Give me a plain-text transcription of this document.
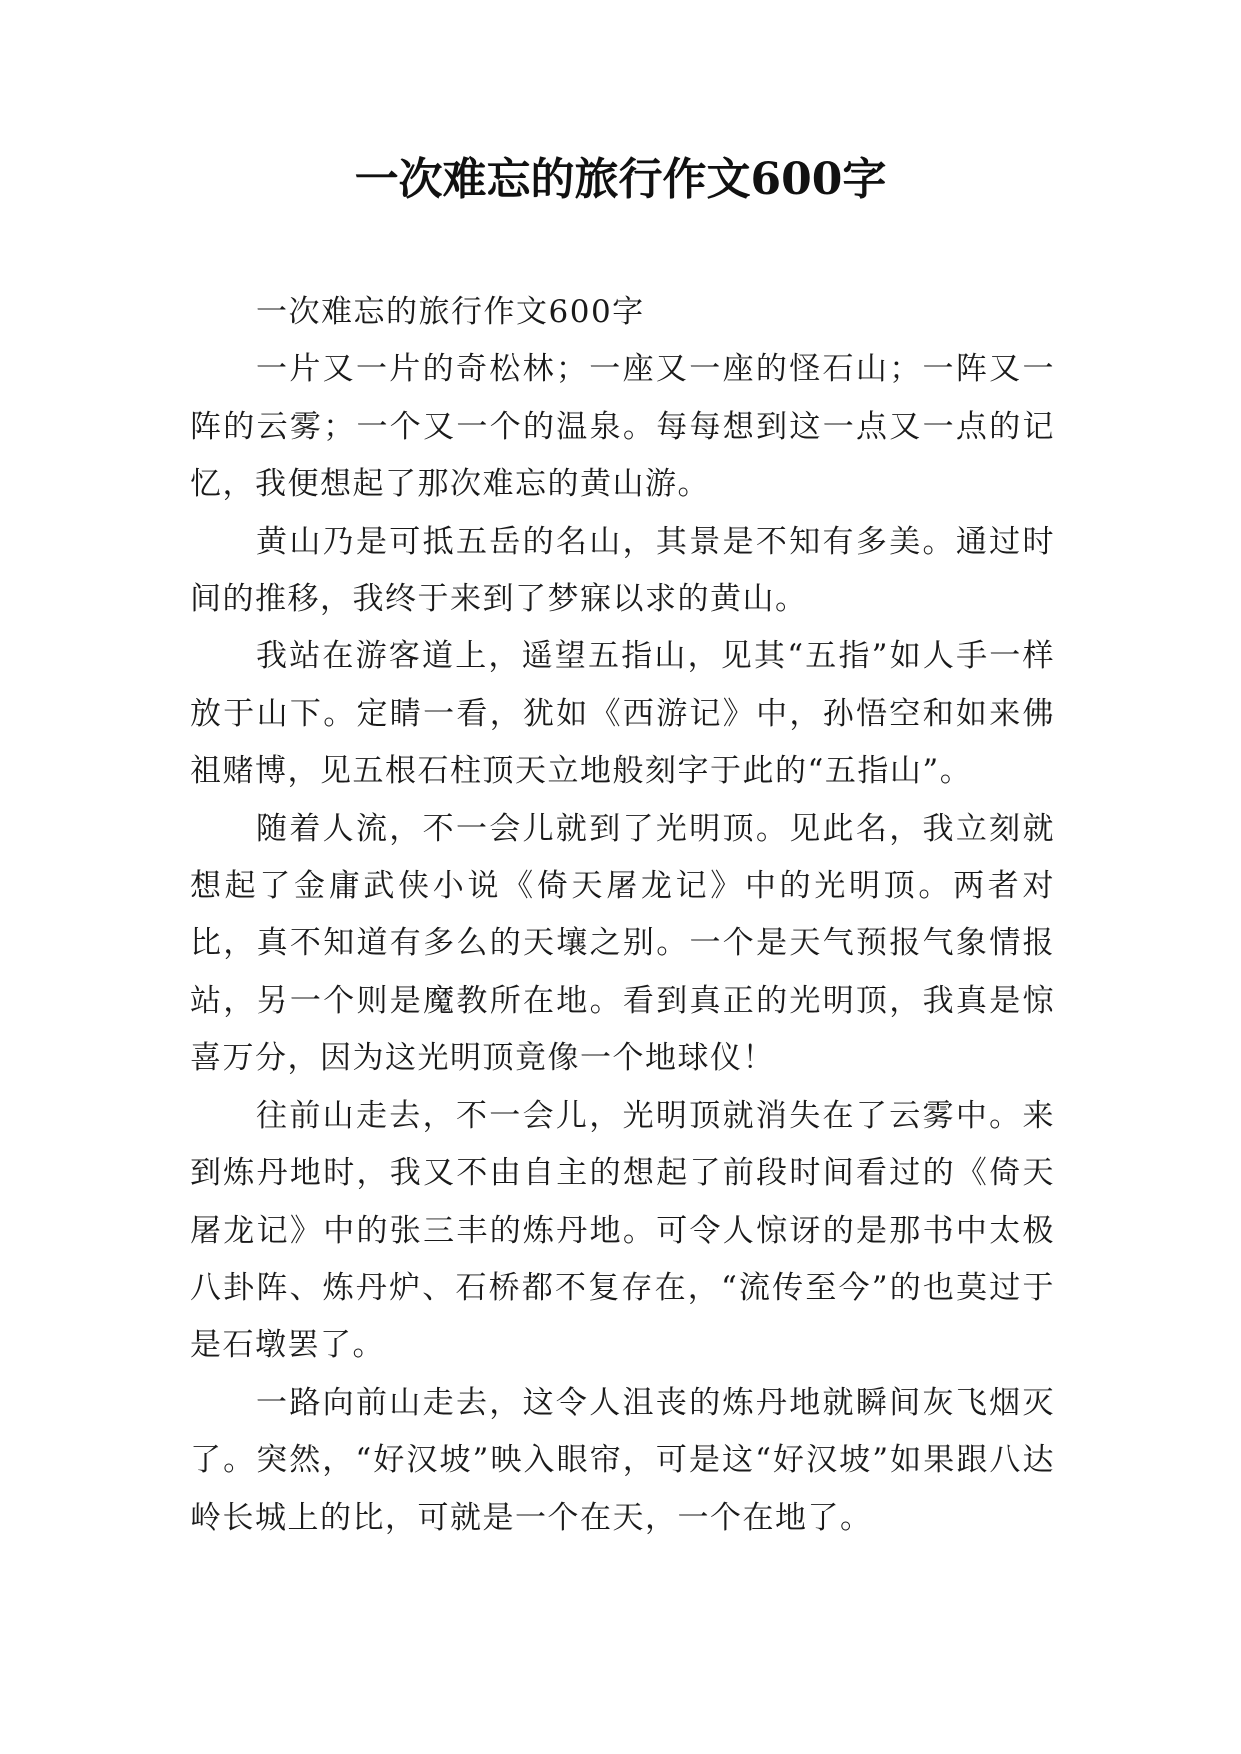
一次难忘的旅行作文600字

一次难忘的旅行作文600字

一片又一片的奇松林；一座又一座的怪石山；一阵又一阵的云雾；一个又一个的温泉。每每想到这一点又一点的记忆，我便想起了那次难忘的黄山游。

黄山乃是可抵五岳的名山，其景是不知有多美。通过时间的推移，我终于来到了梦寐以求的黄山。

我站在游客道上，遥望五指山，见其“五指”如人手一样放于山下。定睛一看，犹如《西游记》中，孙悟空和如来佛祖赌博，见五根石柱顶天立地般刻字于此的“五指山”。

随着人流，不一会儿就到了光明顶。见此名，我立刻就想起了金庸武侠小说《倚天屠龙记》中的光明顶。两者对比，真不知道有多么的天壤之别。一个是天气预报气象情报站，另一个则是魔教所在地。看到真正的光明顶，我真是惊喜万分，因为这光明顶竟像一个地球仪！

往前山走去，不一会儿，光明顶就消失在了云雾中。来到炼丹地时，我又不由自主的想起了前段时间看过的《倚天屠龙记》中的张三丰的炼丹地。可令人惊讶的是那书中太极八卦阵、炼丹炉、石桥都不复存在，“流传至今”的也莫过于是石墩罢了。

一路向前山走去，这令人沮丧的炼丹地就瞬间灰飞烟灭了。突然，“好汉坡”映入眼帘，可是这“好汉坡”如果跟八达岭长城上的比，可就是一个在天，一个在地了。
